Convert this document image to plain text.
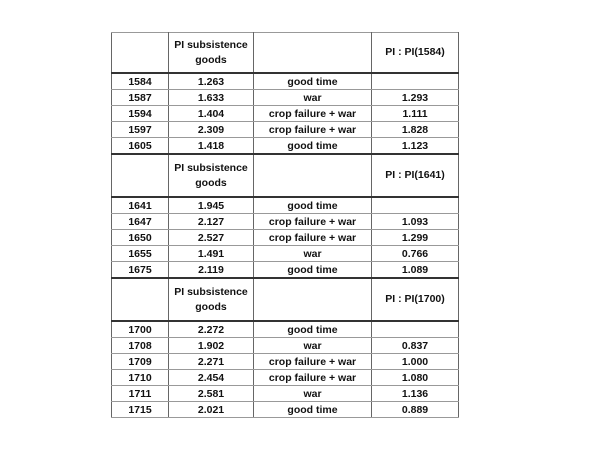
	PI subsistence goods		PI : PI(1584)
1584	1.263	good time	
1587	1.633	war	1.293
1594	1.404	crop failure + war	1.111
1597	2.309	crop failure + war	1.828
1605	1.418	good time	1.123
	PI subsistence goods		PI : PI(1641)
1641	1.945	good time	
1647	2.127	crop failure + war	1.093
1650	2.527	crop failure + war	1.299
1655	1.491	war	0.766
1675	2.119	good time	1.089
	PI subsistence goods		PI : PI(1700)
1700	2.272	good time	
1708	1.902	war	0.837
1709	2.271	crop failure + war	1.000
1710	2.454	crop failure + war	1.080
1711	2.581	war	1.136
1715	2.021	good time	0.889
